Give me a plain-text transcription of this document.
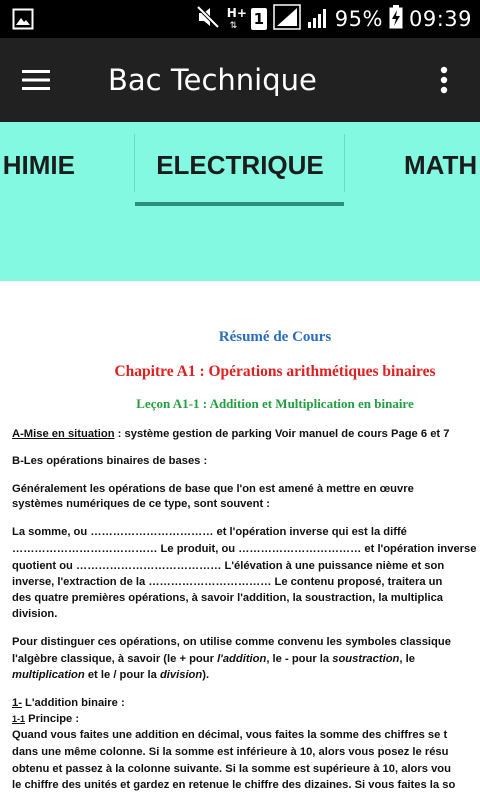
H+
⇅ 1	95% 09:39
Bac Technique
HIMIE	ELECTRIQUE	MATH
Résumé de Cours
Chapitre A1 : Opérations arithmétiques binaires
Leçon A1-1 : Addition et Multiplication en binaire
A-Mise en situation : système gestion de parking Voir manuel de cours Page 6 et 7
B-Les opérations binaires de bases :
Généralement les opérations de base que l'on est amené à mettre en œuvre
systèmes numériques de ce type, sont souvent :
La somme, ou …………………………… et l'opération inverse qui est la diffé
………………………………… Le produit, ou …………………………… et l'opération inverse
quotient ou ………………………………… L'élévation à une puissance nième et son
inverse, l'extraction de la …………………………… Le contenu proposé, traitera un
des quatre premières opérations, à savoir l'addition, la soustraction, la multiplica
division.
Pour distinguer ces opérations, on utilise comme convenu les symboles classique
l'algèbre classique, à savoir (le + pour l'addition, le - pour la soustraction, le
multiplication et le / pour la division).
1- L'addition binaire :
1-1 Principe :
Quand vous faites une addition en décimal, vous faites la somme des chiffres se t
dans une même colonne. Si la somme est inférieure à 10, alors vous posez le résu
obtenu et passez à la colonne suivante. Si la somme est supérieure à 10, alors vou
le chiffre des unités et gardez en retenue le chiffre des dizaines. Si vous faites la so
